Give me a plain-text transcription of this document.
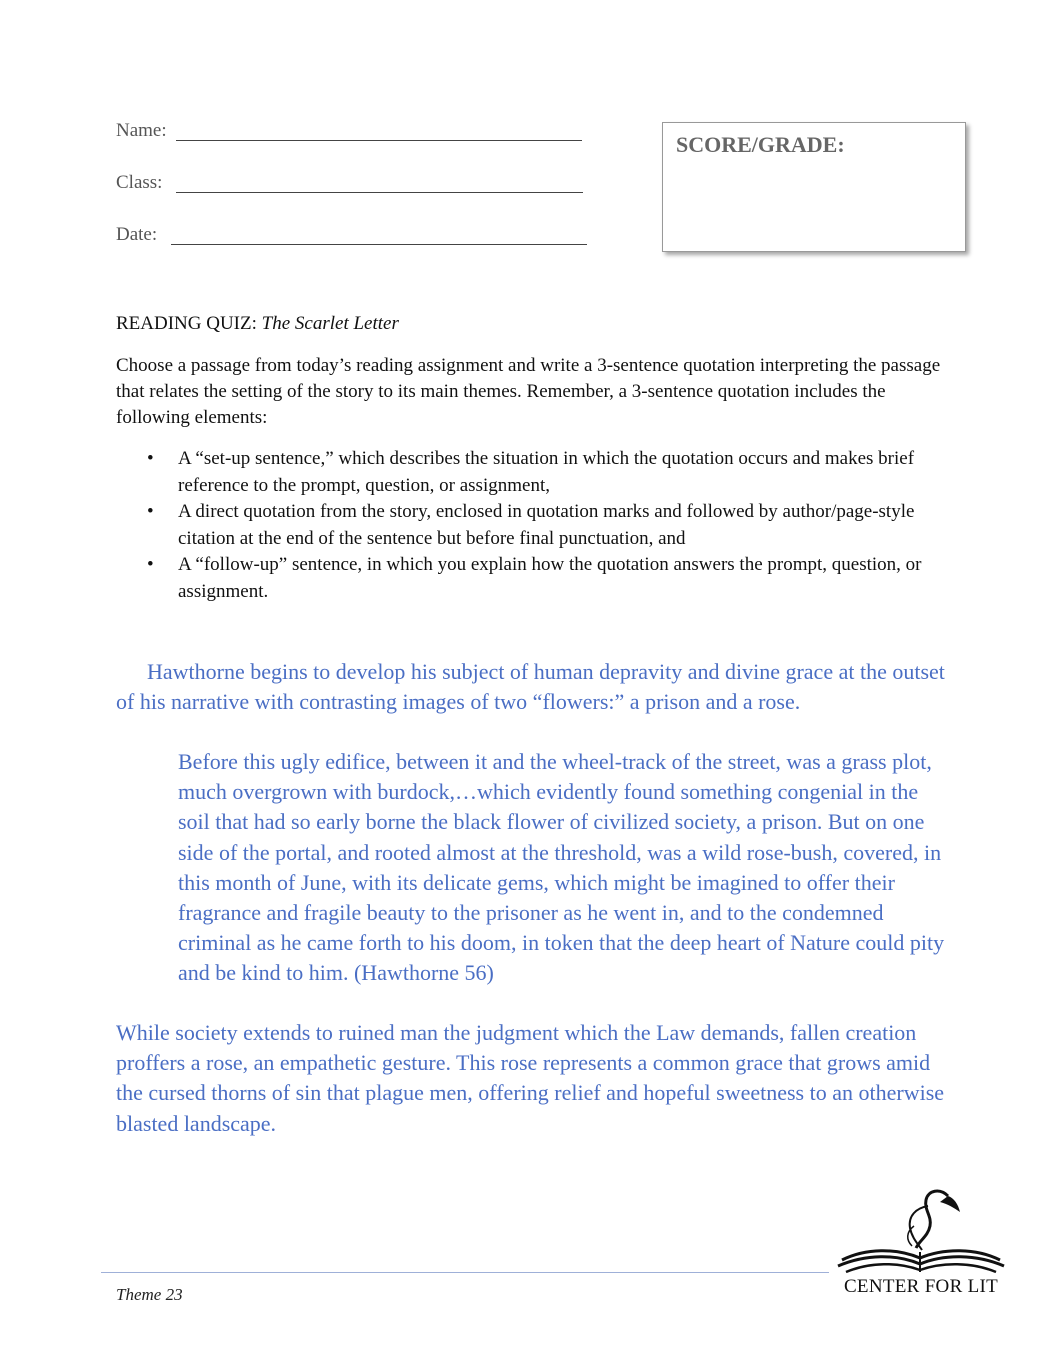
Name:
Class:
Date:
SCORE/GRADE:
READING QUIZ: The Scarlet Letter

Choose a passage from today’s reading assignment and write a 3-sentence quotation interpreting the passage that relates the setting of the story to its main themes. Remember, a 3-sentence quotation includes the following elements:

• A “set-up sentence,” which describes the situation in which the quotation occurs and makes brief reference to the prompt, question, or assignment,
• A direct quotation from the story, enclosed in quotation marks and followed by author/page-style citation at the end of the sentence but before final punctuation, and
• A “follow-up” sentence, in which you explain how the quotation answers the prompt, question, or assignment.

Hawthorne begins to develop his subject of human depravity and divine grace at the outset of his narrative with contrasting images of two “flowers:” a prison and a rose.

Before this ugly edifice, between it and the wheel-track of the street, was a grass plot, much overgrown with burdock,…which evidently found something congenial in the soil that had so early borne the black flower of civilized society, a prison. But on one side of the portal, and rooted almost at the threshold, was a wild rose-bush, covered, in this month of June, with its delicate gems, which might be imagined to offer their fragrance and fragile beauty to the prisoner as he went in, and to the condemned criminal as he came forth to his doom, in token that the deep heart of Nature could pity and be kind to him. (Hawthorne 56)

While society extends to ruined man the judgment which the Law demands, fallen creation proffers a rose, an empathetic gesture. This rose represents a common grace that grows amid the cursed thorns of sin that plague men, offering relief and hopeful sweetness to an otherwise blasted landscape.

Theme 23	CENTER FOR LIT
